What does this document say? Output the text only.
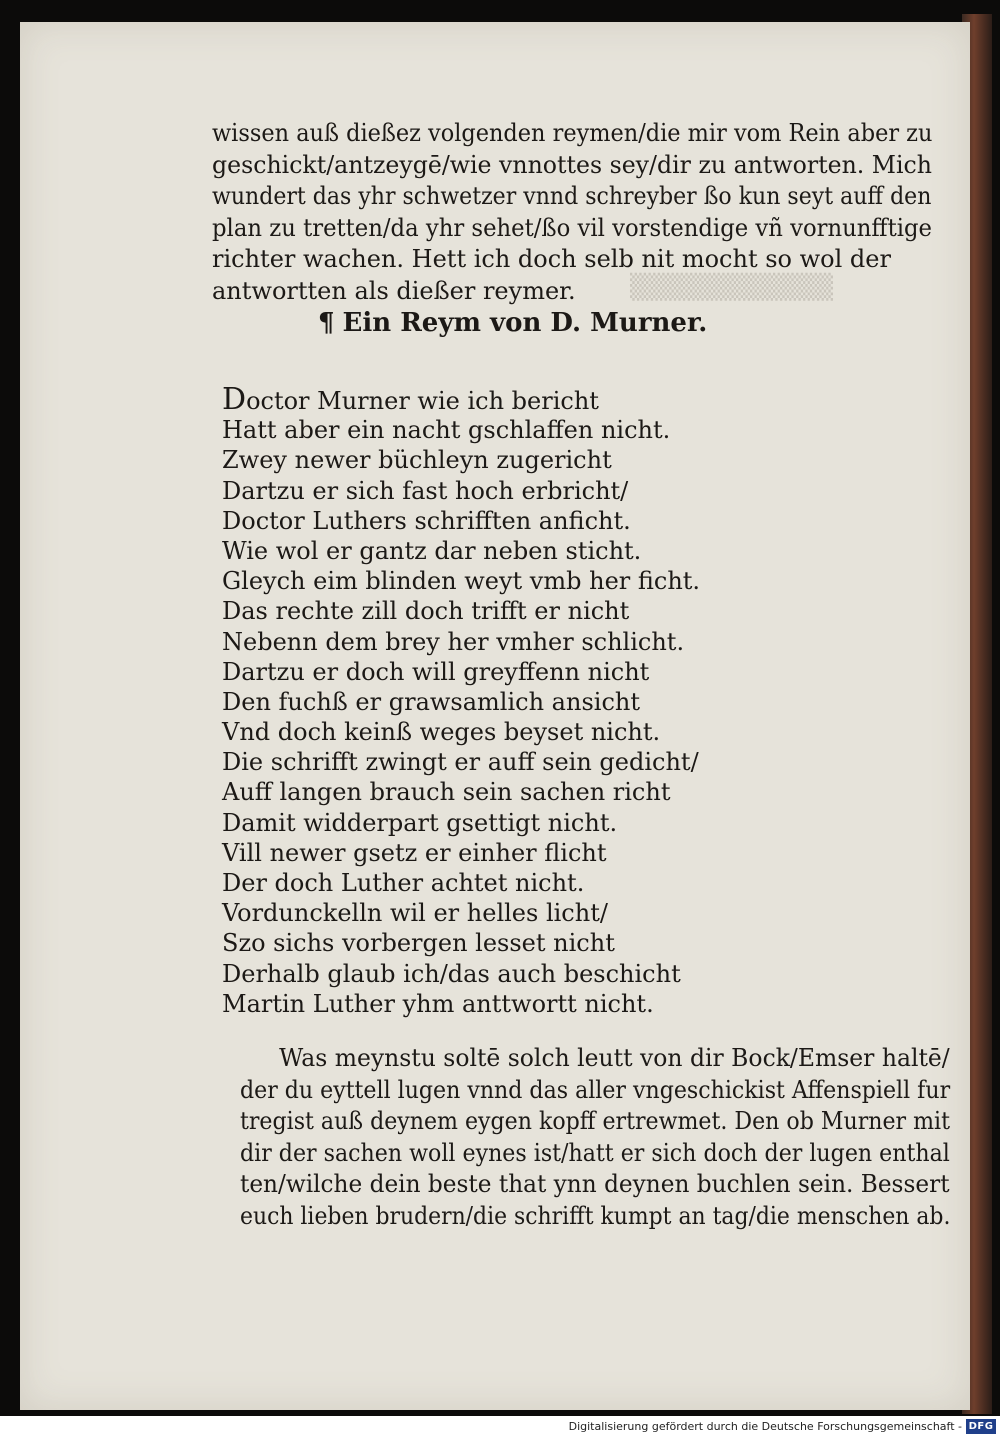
▒▒▒▒▒▒▒▒▒▒▒
wissen auß dießez volgenden reymen/die mir vom Rein aber zu
geschickt/antzeygē/wie vnnottes sey/dir zu antworten. Mich
wundert das yhr schwetzer vnnd schreyber ßo kun seyt auff den
plan zu tretten/da yhr sehet/ßo vil vorstendige vñ vornunfftige
richter wachen. Hett ich doch selb nit mocht so wol der
antwortten als dießer reymer.
¶ Ein Reym von D. Murner.
Doctor Murner wie ich bericht
Hatt aber ein nacht gschlaffen nicht.
Zwey newer büchleyn zugericht
Dartzu er sich fast hoch erbricht/
Doctor Luthers schrifften anficht.
Wie wol er gantz dar neben sticht.
Gleych eim blinden weyt vmb her ficht.
Das rechte zill doch trifft er nicht
Nebenn dem brey her vmher schlicht.
Dartzu er doch will greyffenn nicht
Den fuchß er grawsamlich ansicht
Vnd doch keinß weges beyset nicht.
Die schrifft zwingt er auff sein gedicht/
Auff langen brauch sein sachen richt
Damit widderpart gsettigt nicht.
Vill newer gsetz er einher flicht
Der doch Luther achtet nicht.
Vordunckelln wil er helles licht/
Szo sichs vorbergen lesset nicht
Derhalb glaub ich/das auch beschicht
Martin Luther yhm anttwortt nicht.
Was meynstu soltē solch leutt von dir Bock/Emser haltē/
der du eyttell lugen vnnd das aller vngeschickist Affenspiell fur
tregist auß deynem eygen kopff ertrewmet. Den ob Murner mit
dir der sachen woll eynes ist/hatt er sich doch der lugen enthal
ten/wilche dein beste that ynn deynen buchlen sein. Bessert
euch lieben brudern/die schrifft kumpt an tag/die menschen ab.
Digitalisierung gefördert durch die Deutsche Forschungsgemeinschaft - DFG
